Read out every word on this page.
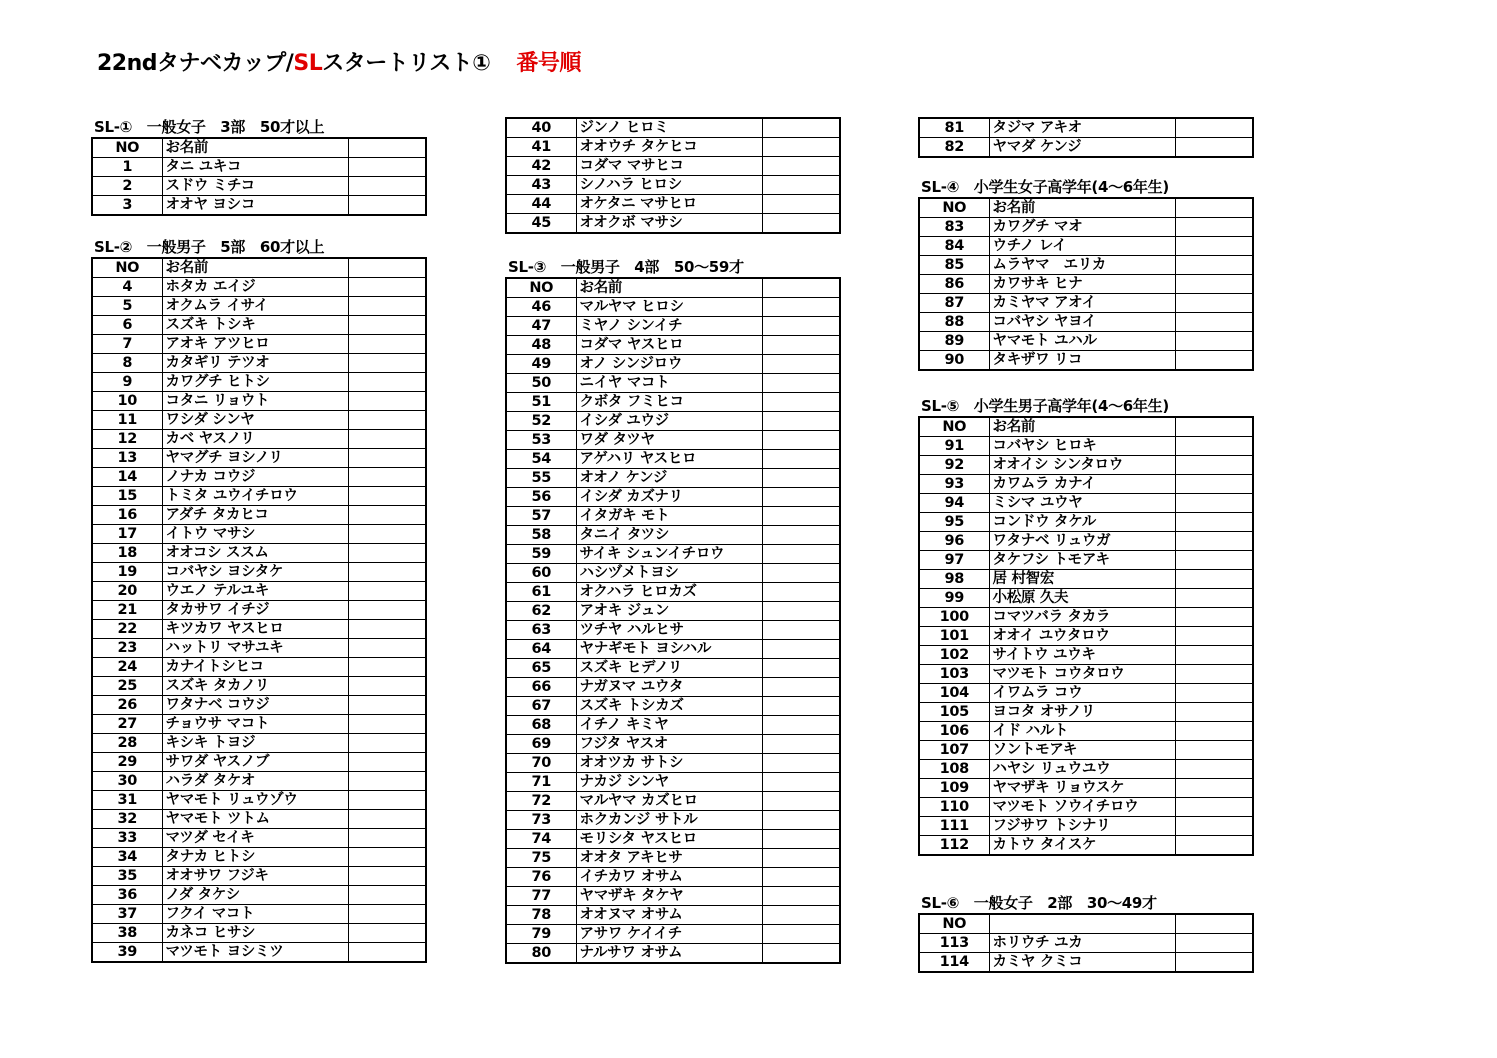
22ndタナベカップ/SLスタートリスト① 番号順
SL-①　一般女子　3部　50才以上
NO	お名前	
1	タニ ユキコ	
2	スドウ ミチコ	
3	オオヤ ヨシコ	
SL-②　一般男子　5部　60才以上
NO	お名前	
4	ホタカ エイジ	
5	オクムラ イサイ	
6	スズキ トシキ	
7	アオキ アツヒロ	
8	カタギリ テツオ	
9	カワグチ ヒトシ	
10	コタニ リョウト	
11	ワシダ シンヤ	
12	カベ ヤスノリ	
13	ヤマグチ ヨシノリ	
14	ノナカ コウジ	
15	トミタ ユウイチロウ	
16	アダチ タカヒコ	
17	イトウ マサシ	
18	オオコシ ススム	
19	コバヤシ ヨシタケ	
20	ウエノ テルユキ	
21	タカサワ イチジ	
22	キツカワ ヤスヒロ	
23	ハットリ マサユキ	
24	カナイトシヒコ	
25	スズキ タカノリ	
26	ワタナベ コウジ	
27	チョウサ マコト	
28	キシキ トヨジ	
29	サワダ ヤスノブ	
30	ハラダ タケオ	
31	ヤマモト リュウゾウ	
32	ヤマモト ツトム	
33	マツダ セイキ	
34	タナカ ヒトシ	
35	オオサワ フジキ	
36	ノダ タケシ	
37	フクイ マコト	
38	カネコ ヒサシ	
39	マツモト ヨシミツ	
40	ジンノ ヒロミ	
41	オオウチ タケヒコ	
42	コダマ マサヒコ	
43	シノハラ ヒロシ	
44	オケタニ マサヒロ	
45	オオクボ マサシ	
SL-③　一般男子　4部　50～59才
NO	お名前	
46	マルヤマ ヒロシ	
47	ミヤノ シンイチ	
48	コダマ ヤスヒロ	
49	オノ シンジロウ	
50	ニイヤ マコト	
51	クボタ フミヒコ	
52	イシダ ユウジ	
53	ワダ タツヤ	
54	アゲハリ ヤスヒロ	
55	オオノ ケンジ	
56	イシダ カズナリ	
57	イタガキ モト	
58	タニイ タツシ	
59	サイキ シュンイチロウ	
60	ハシヅメトヨシ	
61	オクハラ ヒロカズ	
62	アオキ ジュン	
63	ツチヤ ハルヒサ	
64	ヤナギモト ヨシハル	
65	スズキ ヒデノリ	
66	ナガヌマ ユウタ	
67	スズキ トシカズ	
68	イチノ キミヤ	
69	フジタ ヤスオ	
70	オオツカ サトシ	
71	ナカジ シンヤ	
72	マルヤマ カズヒロ	
73	ホクカンジ サトル	
74	モリシタ ヤスヒロ	
75	オオタ アキヒサ	
76	イチカワ オサム	
77	ヤマザキ タケヤ	
78	オオヌマ オサム	
79	アサワ ケイイチ	
80	ナルサワ オサム	
81	タジマ アキオ	
82	ヤマダ ケンジ	
SL-④　小学生女子高学年(4～6年生)
NO	お名前	
83	カワグチ マオ	
84	ウチノ レイ	
85	ムラヤマ　エリカ	
86	カワサキ ヒナ	
87	カミヤマ アオイ	
88	コバヤシ ヤヨイ	
89	ヤマモト ユハル	
90	タキザワ リコ	
SL-⑤　小学生男子高学年(4～6年生)
NO	お名前	
91	コバヤシ ヒロキ	
92	オオイシ シンタロウ	
93	カワムラ カナイ	
94	ミシマ ユウヤ	
95	コンドウ タケル	
96	ワタナベ リュウガ	
97	タケフシ トモアキ	
98	居 村智宏	
99	小松原 久夫	
100	コマツバラ タカラ	
101	オオイ ユウタロウ	
102	サイトウ ユウキ	
103	マツモト コウタロウ	
104	イワムラ コウ	
105	ヨコタ オサノリ	
106	イド ハルト	
107	ソントモアキ	
108	ハヤシ リュウユウ	
109	ヤマザキ リョウスケ	
110	マツモト ソウイチロウ	
111	フジサワ トシナリ	
112	カトウ タイスケ	
SL-⑥　一般女子　2部　30～49才
NO		
113	ホリウチ ユカ	
114	カミヤ クミコ	
